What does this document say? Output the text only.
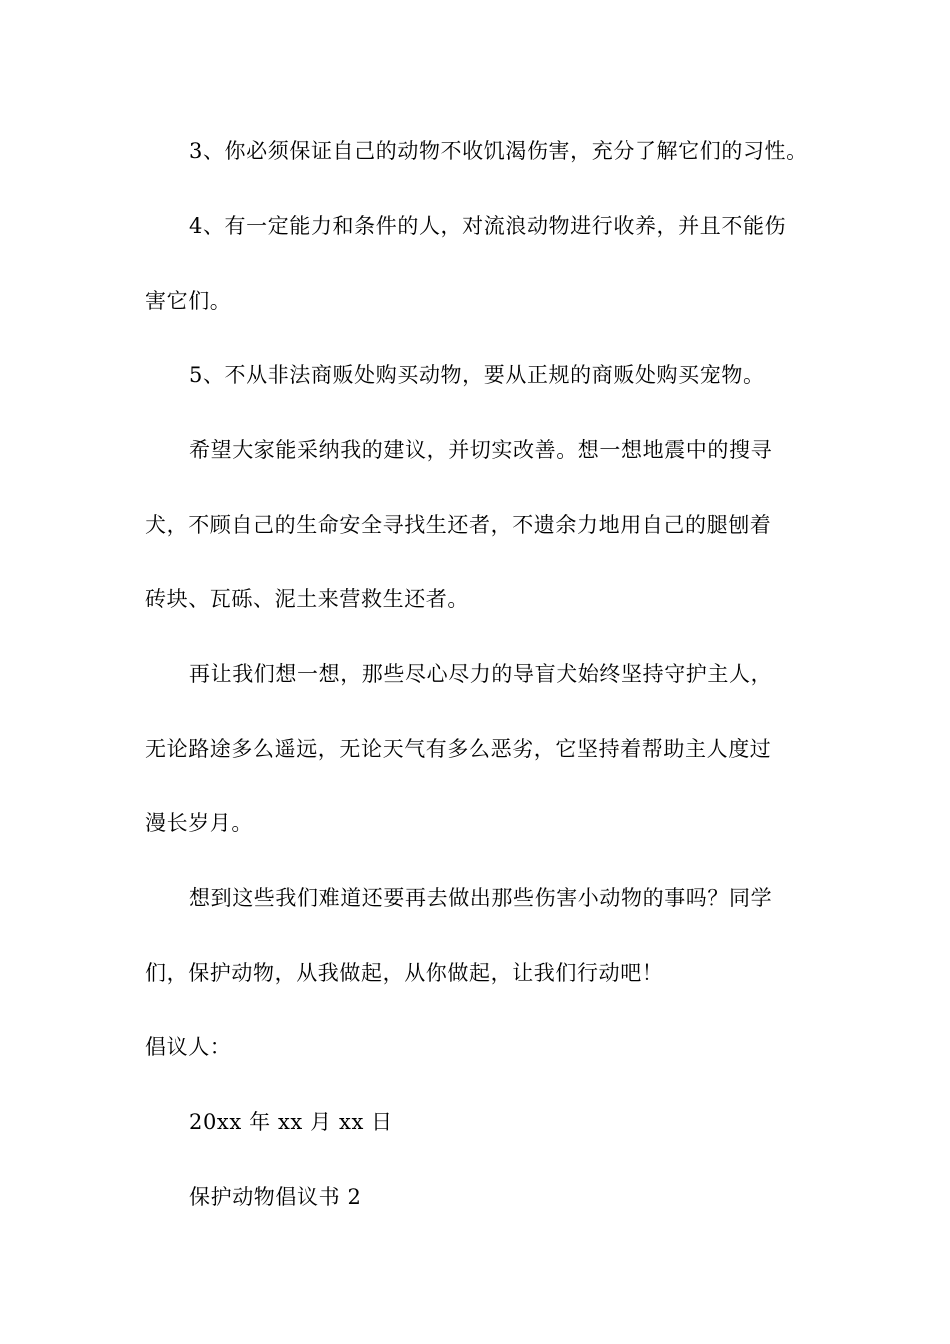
3、你必须保证自己的动物不收饥渴伤害，充分了解它们的习性。
4、有一定能力和条件的人，对流浪动物进行收养，并且不能伤
害它们。
5、不从非法商贩处购买动物，要从正规的商贩处购买宠物。
希望大家能采纳我的建议，并切实改善。想一想地震中的搜寻
犬，不顾自己的生命安全寻找生还者，不遗余力地用自己的腿刨着
砖块、瓦砾、泥土来营救生还者。
再让我们想一想，那些尽心尽力的导盲犬始终坚持守护主人，
无论路途多么遥远，无论天气有多么恶劣，它坚持着帮助主人度过
漫长岁月。
想到这些我们难道还要再去做出那些伤害小动物的事吗？同学
们，保护动物，从我做起，从你做起，让我们行动吧！
倡议人：
20xx 年 xx 月 xx 日
保护动物倡议书 2
